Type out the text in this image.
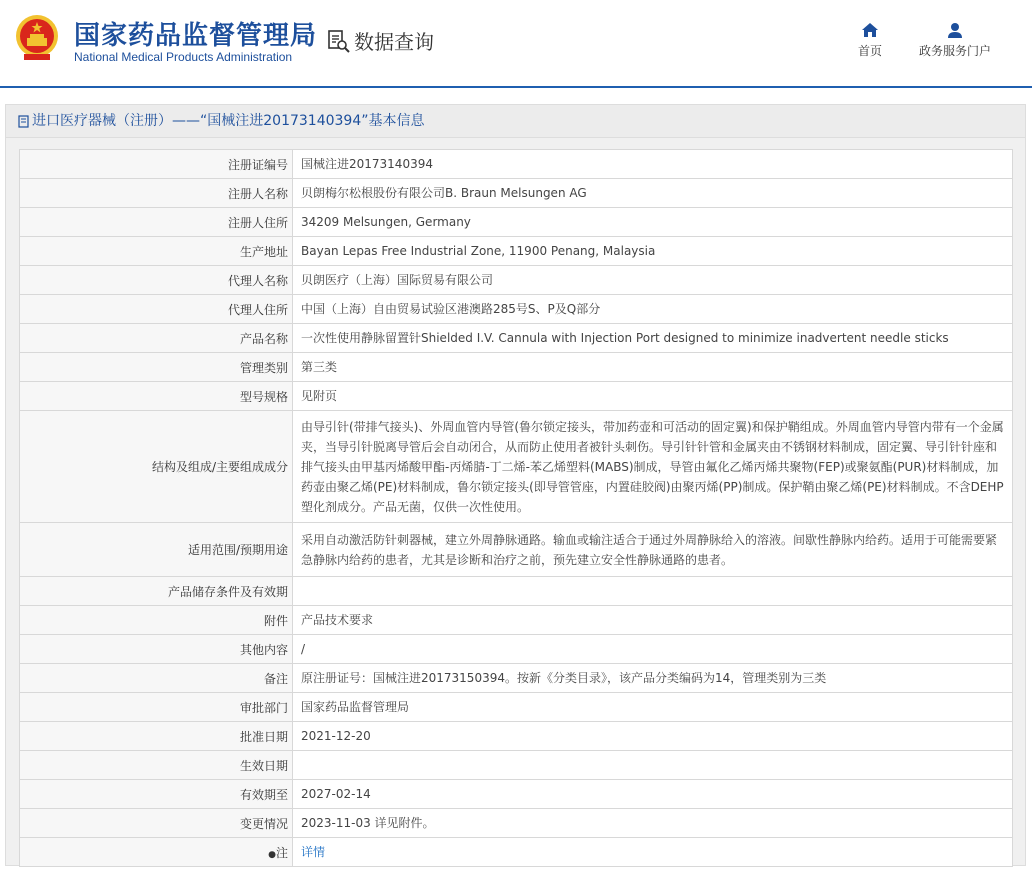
国家药品监督管理局
National Medical Products Administration
数据查询	首页	政务服务门户
进口医疗器械（注册）——“国械注进20173140394”基本信息
注册证编号	国械注进20173140394
注册人名称	贝朗梅尔松根股份有限公司B. Braun Melsungen AG
注册人住所	34209 Melsungen, Germany
生产地址	Bayan Lepas Free Industrial Zone, 11900 Penang, Malaysia
代理人名称	贝朗医疗（上海）国际贸易有限公司
代理人住所	中国（上海）自由贸易试验区港澳路285号S、P及Q部分
产品名称	一次性使用静脉留置针Shielded I.V. Cannula with Injection Port designed to minimize inadvertent needle sticks
管理类别	第三类
型号规格	见附页
结构及组成/主要组成成分	由导引针(带排气接头)、外周血管内导管(鲁尔锁定接头，带加药壶和可活动的固定翼)和保护鞘组成。外周血管内导管内带有一个金属夹，当导引针脱离导管后会自动闭合，从而防止使用者被针头刺伤。导引针针管和金属夹由不锈钢材料制成，固定翼、导引针针座和排气接头由甲基丙烯酸甲酯-丙烯腈-丁二烯-苯乙烯塑料(MABS)制成，导管由氟化乙烯丙烯共聚物(FEP)或聚氨酯(PUR)材料制成，加药壶由聚乙烯(PE)材料制成，鲁尔锁定接头(即导管管座，内置硅胶阀)由聚丙烯(PP)制成。保护鞘由聚乙烯(PE)材料制成。不含DEHP塑化剂成分。产品无菌，仅供一次性使用。
适用范围/预期用途	采用自动激活防针刺器械，建立外周静脉通路。输血或输注适合于通过外周静脉给入的溶液。间歇性静脉内给药。适用于可能需要紧急静脉内给药的患者，尤其是诊断和治疗之前，预先建立安全性静脉通路的患者。
产品储存条件及有效期	
附件	产品技术要求
其他内容	/
备注	原注册证号：国械注进20173150394。按新《分类目录》，该产品分类编码为14，管理类别为三类
审批部门	国家药品监督管理局
批准日期	2021-12-20
生效日期	
有效期至	2027-02-14
变更情况	2023-11-03 详见附件。
●注	详情
